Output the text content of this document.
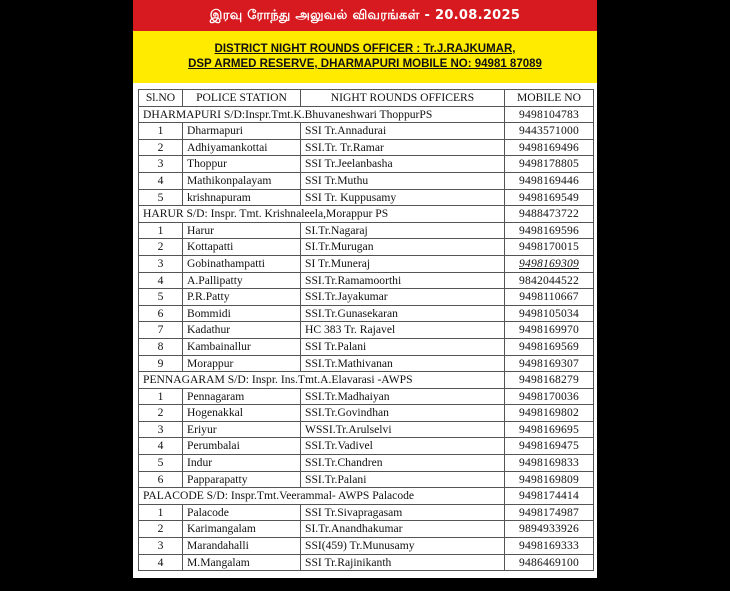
இரவு ரோந்து அலுவல் விவரங்கள் - 20.08.2025
DISTRICT NIGHT ROUNDS OFFICER : Tr.J.RAJKUMAR,
DSP ARMED RESERVE, DHARMAPURI MOBILE NO: 94981 87089
Sl.NO	POLICE STATION	NIGHT ROUNDS OFFICERS	MOBILE NO
DHARMAPURI S/D:Inspr.Tmt.K.Bhuvaneshwari ThoppurPS			9498104783
1	Dharmapuri	SSI Tr.Annadurai	9443571000
2	Adhiyamankottai	SSI.Tr. Tr.Ramar	9498169496
3	Thoppur	SSI Tr.Jeelanbasha	9498178805
4	Mathikonpalayam	SSI Tr.Muthu	9498169446
5	krishnapuram	SSI Tr. Kuppusamy	9498169549
HARUR S/D: Inspr. Tmt. Krishnaleela,Morappur PS			9488473722
1	Harur	SI.Tr.Nagaraj	9498169596
2	Kottapatti	SI.Tr.Murugan	9498170015
3	Gobinathampatti	SI Tr.Muneraj	9498169309
4	A.Pallipatty	SSI.Tr.Ramamoorthi	9842044522
5	P.R.Patty	SSI.Tr.Jayakumar	9498110667
6	Bommidi	SSI.Tr.Gunasekaran	9498105034
7	Kadathur	HC 383 Tr. Rajavel	9498169970
8	Kambainallur	SSI Tr.Palani	9498169569
9	Morappur	SSI.Tr.Mathivanan	9498169307
PENNAGARAM S/D: Inspr. Ins.Tmt.A.Elavarasi -AWPS			9498168279
1	Pennagaram	SSI.Tr.Madhaiyan	9498170036
2	Hogenakkal	SSI.Tr.Govindhan	9498169802
3	Eriyur	WSSI.Tr.Arulselvi	9498169695
4	Perumbalai	SSI.Tr.Vadivel	9498169475
5	Indur	SSI.Tr.Chandren	9498169833
6	Papparapatty	SSI.Tr.Palani	9498169809
PALACODE S/D: Inspr.Tmt.Veerammal- AWPS Palacode			9498174414
1	Palacode	SSI Tr.Sivapragasam	9498174987
2	Karimangalam	SI.Tr.Anandhakumar	9894933926
3	Marandahalli	SSI(459) Tr.Munusamy	9498169333
4	M.Mangalam	SSI Tr.Rajinikanth	9486469100
